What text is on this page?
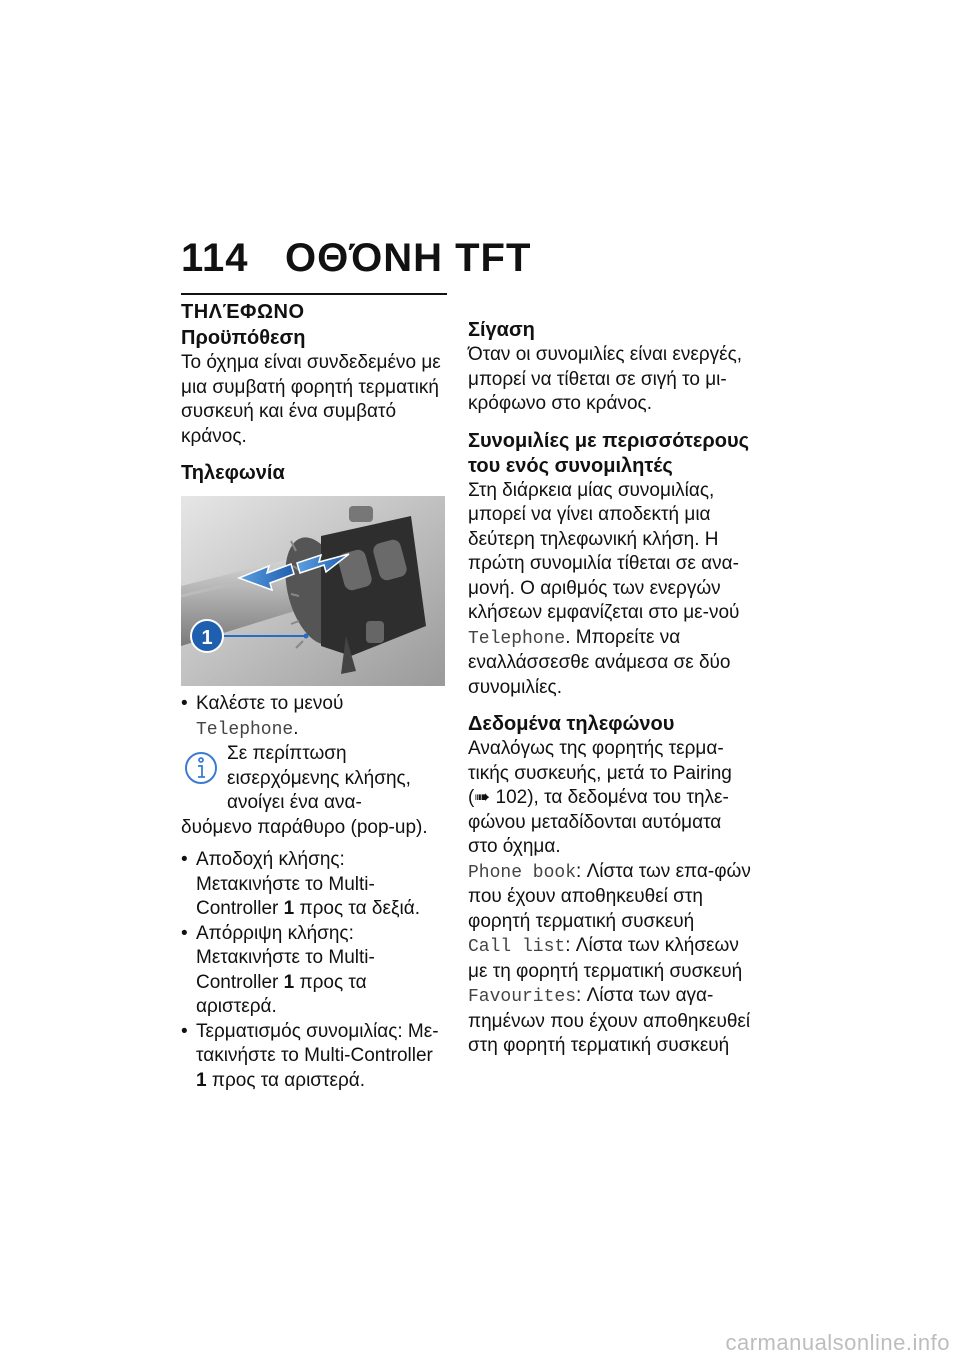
114 ΟΘΌΝΗ TFT
ΤΗΛΈΦΩΝΟ
Προϋπόθεση

Το όχημα είναι συνδεδεμένο με μια συμβατή φορητή τερματική συσκευή και ένα συμβατό κράνος.

Τηλεφωνία
1
• Καλέστε το μενού
Telephone.
Σε περίπτωση εισερχόμενης κλήσης, ανοίγει ένα ανα-
δυόμενο παράθυρο (pop-up).
• Αποδοχή κλήσης: Μετακινήστε το Multi-Controller 1 προς τα δεξιά.
• Απόρριψη κλήσης: Μετακινήστε το Multi-Controller 1 προς τα αριστερά.
• Τερματισμός συνομιλίας: Με-τακινήστε το Multi-Controller 1 προς τα αριστερά.
Σίγαση

Όταν οι συνομιλίες είναι ενεργές, μπορεί να τίθεται σε σιγή το μι-κρόφωνο στο κράνος.

Συνομιλίες με περισσότερους του ενός συνομιλητές

Στη διάρκεια μίας συνομιλίας, μπορεί να γίνει αποδεκτή μια δεύτερη τηλεφωνική κλήση. Η πρώτη συνομιλία τίθεται σε ανα-μονή. Ο αριθμός των ενεργών κλήσεων εμφανίζεται στο με-νού Telephone. Μπορείτε να εναλλάσσεσθε ανάμεσα σε δύο συνομιλίες.

Δεδομένα τηλεφώνου

Αναλόγως της φορητής τερμα-τικής συσκευής, μετά το Pairing (➠ 102), τα δεδομένα του τηλε-φώνου μεταδίδονται αυτόματα στο όχημα.

Phone book: Λίστα των επα-φών που έχουν αποθηκευθεί στη φορητή τερματική συσκευή

Call list: Λίστα των κλήσεων με τη φορητή τερματική συσκευή

Favourites: Λίστα των αγα-πημένων που έχουν αποθηκευθεί στη φορητή τερματική συσκευή

carmanualsonline.info
